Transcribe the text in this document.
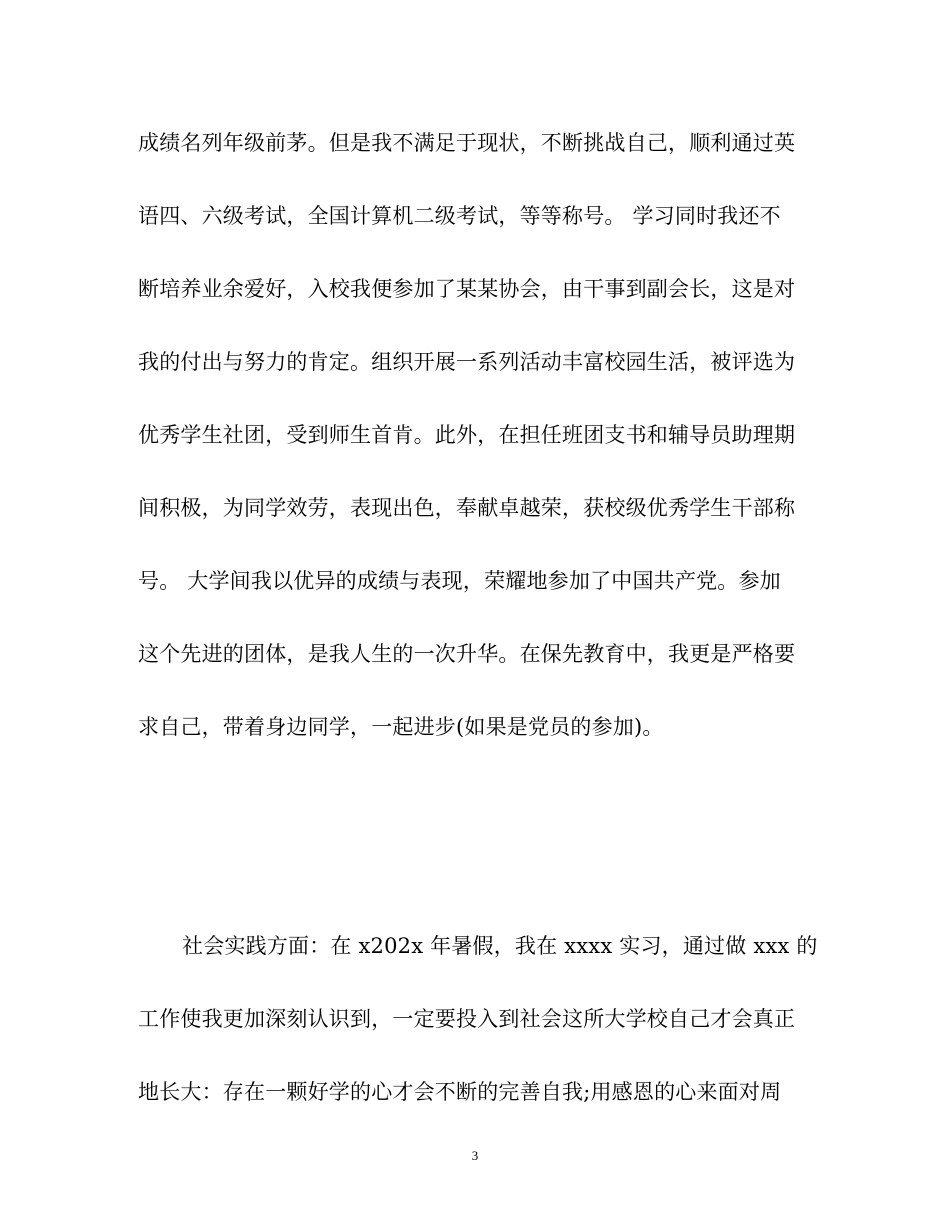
成绩名列年级前茅。但是我不满足于现状，不断挑战自己，顺利通过英
语四、六级考试，全国计算机二级考试，等等称号。 学习同时我还不
断培养业余爱好，入校我便参加了某某协会，由干事到副会长，这是对
我的付出与努力的肯定。组织开展一系列活动丰富校园生活，被评选为
优秀学生社团，受到师生首肯。此外，在担任班团支书和辅导员助理期
间积极，为同学效劳，表现出色，奉献卓越荣，获校级优秀学生干部称
号。 大学间我以优异的成绩与表现，荣耀地参加了中国共产党。参加
这个先进的团体，是我人生的一次升华。在保先教育中，我更是严格要
求自己，带着身边同学，一起进步(如果是党员的参加)。
社会实践方面：在 x202x 年暑假，我在 xxxx 实习，通过做 xxx 的
工作使我更加深刻认识到，一定要投入到社会这所大学校自己才会真正
地长大：存在一颗好学的心才会不断的完善自我;用感恩的心来面对周
3
